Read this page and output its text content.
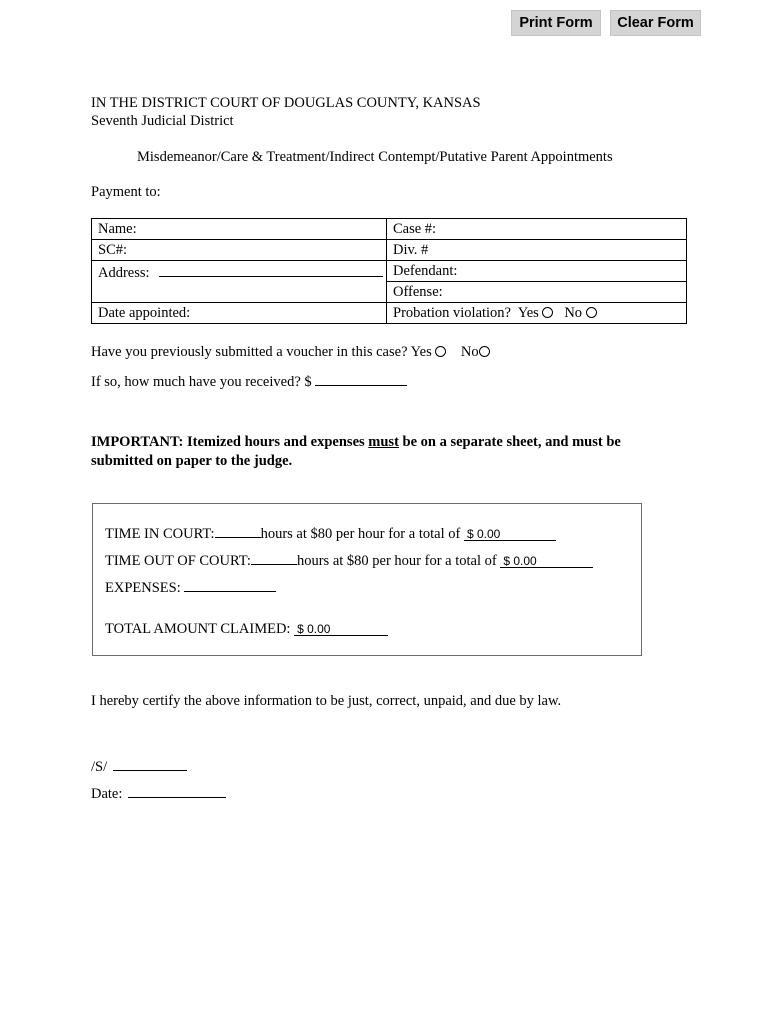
Print Form	Clear Form
IN THE DISTRICT COURT OF DOUGLAS COUNTY, KANSAS
Seventh Judicial District
Misdemeanor/Care & Treatment/Indirect Contempt/Putative Parent Appointments
Payment to:
Name:	Case #:
SC#:	Div. #
Address:	Defendant:
	Offense:
Date appointed:	Probation violation? Yes No
Have you previously submitted a voucher in this case? Yes No
If so, how much have you received? $
IMPORTANT: Itemized hours and expenses must be on a separate sheet, and must be submitted on paper to the judge.
TIME IN COURT:	hours at $80 per hour for a total of $ 0.00
TIME OUT OF COURT:	hours at $80 per hour for a total of $ 0.00
EXPENSES:
TOTAL AMOUNT CLAIMED: $ 0.00
I hereby certify the above information to be just, correct, unpaid, and due by law.
/S/
Date:
